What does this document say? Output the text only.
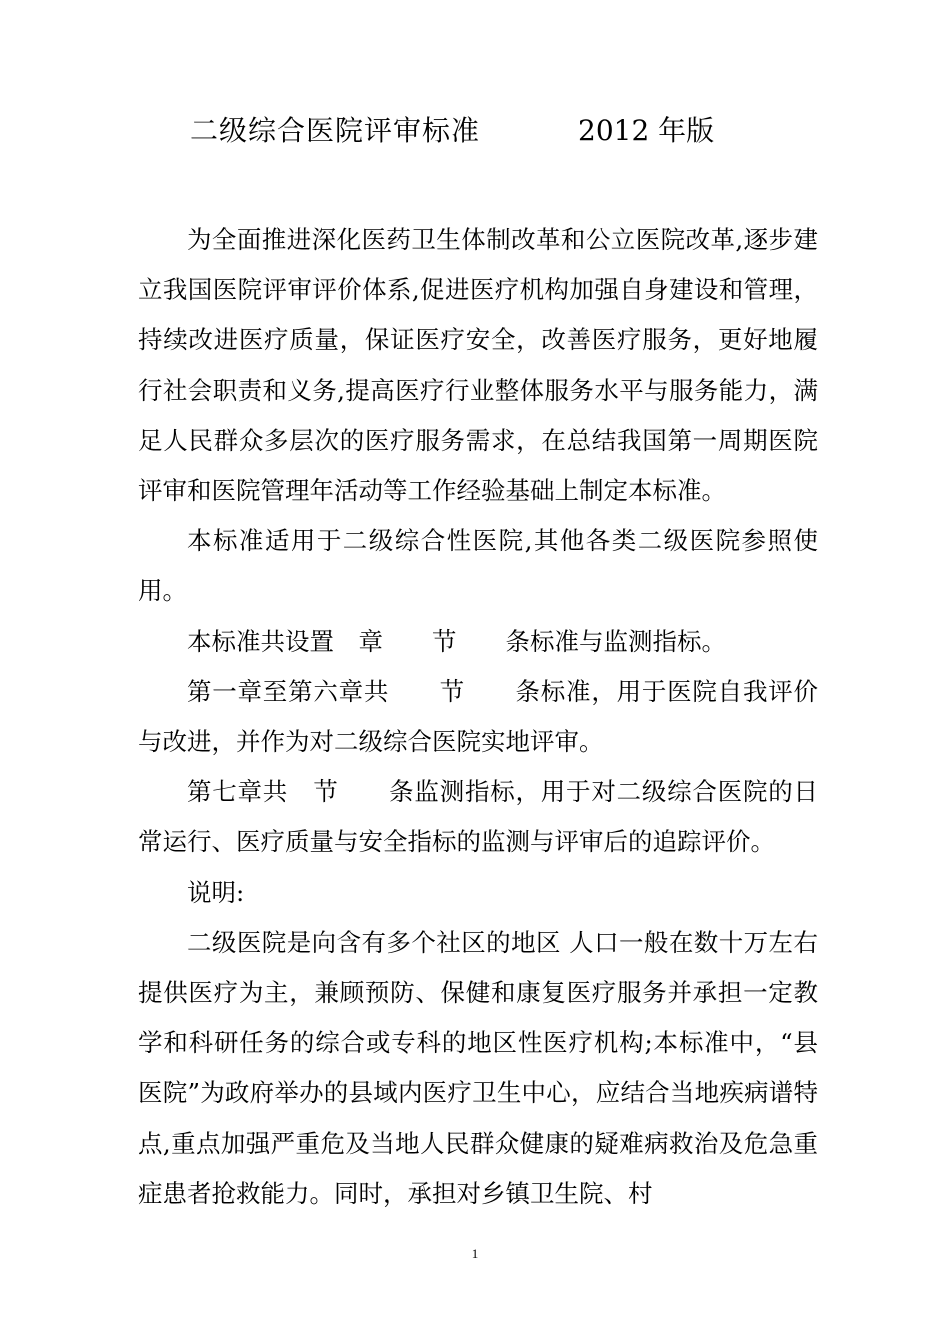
二级综合医院评审标准	2012 年版

为全面推进深化医药卫生体制改革和公立医院改革,逐步建立我国医院评审评价体系,促进医疗机构加强自身建设和管理，持续改进医疗质量，保证医疗安全，改善医疗服务，更好地履行社会职责和义务,提高医疗行业整体服务水平与服务能力，满足人民群众多层次的医疗服务需求，在总结我国第一周期医院评审和医院管理年活动等工作经验基础上制定本标准。

本标准适用于二级综合性医院,其他各类二级医院参照使用。

本标准共设置　章　　节　　条标准与监测指标。

第一章至第六章共　　节　　条标准，用于医院自我评价与改进，并作为对二级综合医院实地评审。

第七章共　节　　条监测指标，用于对二级综合医院的日常运行、医疗质量与安全指标的监测与评审后的追踪评价。

说明:

二级医院是向含有多个社区的地区 人口一般在数十万左右 提供医疗为主，兼顾预防、保健和康复医疗服务并承担一定教学和科研任务的综合或专科的地区性医疗机构;本标准中，“县医院”为政府举办的县域内医疗卫生中心，应结合当地疾病谱特点,重点加强严重危及当地人民群众健康的疑难病救治及危急重症患者抢救能力。同时，承担对乡镇卫生院、村

1
